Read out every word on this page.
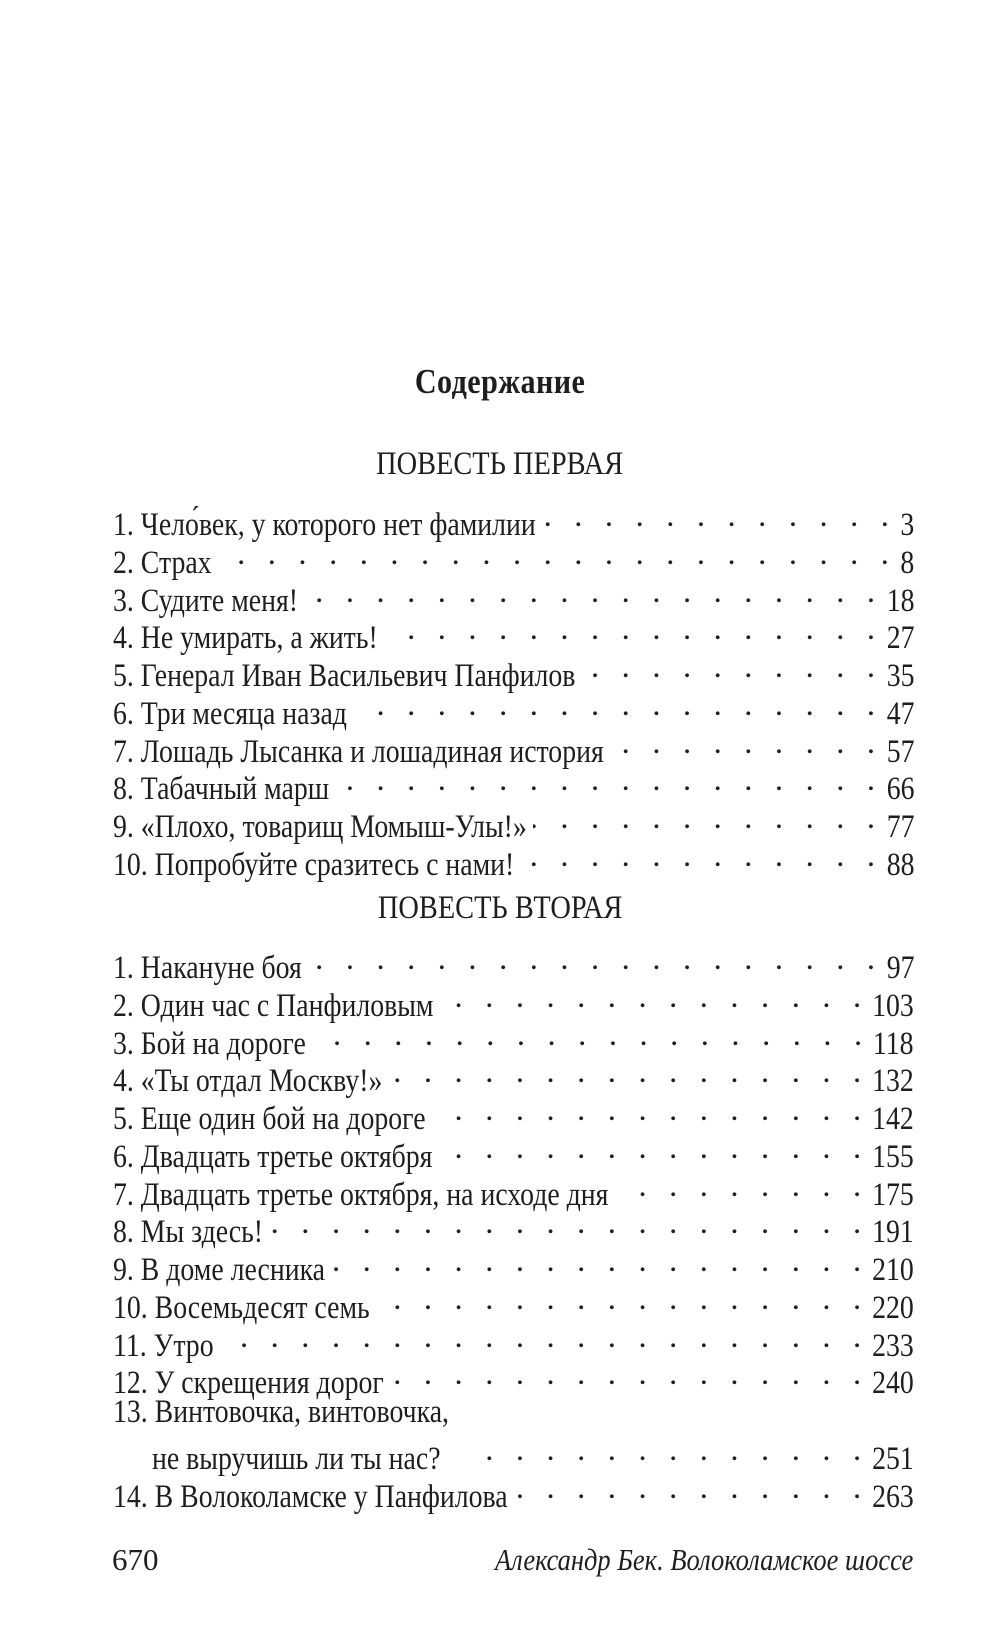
Содержание
ПОВЕСТЬ ПЕРВАЯ
1. Чело́век, у которого нет фамилии . . .	3
2. Страх . . .	8
3. Судите меня! . . .	18
4. Не умирать, а жить! . . .	27
5. Генерал Иван Васильевич Панфилов . . .	35
6. Три месяца назад . . .	47
7. Лошадь Лысанка и лошадиная история . . .	57
8. Табачный марш . . .	66
9. «Плохо, товарищ Момыш-Улы!» . . .	77
10. Попробуйте сразитесь с нами! . . .	88
ПОВЕСТЬ ВТОРАЯ
1. Накануне боя . . .	97
2. Один час с Панфиловым . . .	103
3. Бой на дороге . . .	118
4. «Ты отдал Москву!» . . .	132
5. Еще один бой на дороге . . .	142
6. Двадцать третье октября . . .	155
7. Двадцать третье октября, на исходе дня . . .	175
8. Мы здесь! . . .	191
9. В доме лесника . . .	210
10. Восемьдесят семь . . .	220
11. Утро . . .	233
12. У скрещения дорог . . .	240
13. Винтовочка, винтовочка,
не выручишь ли ты нас? . . .	251
14. В Волоколамске у Панфилова . . .	263
670	Александр Бек. Волоколамское шоссе
